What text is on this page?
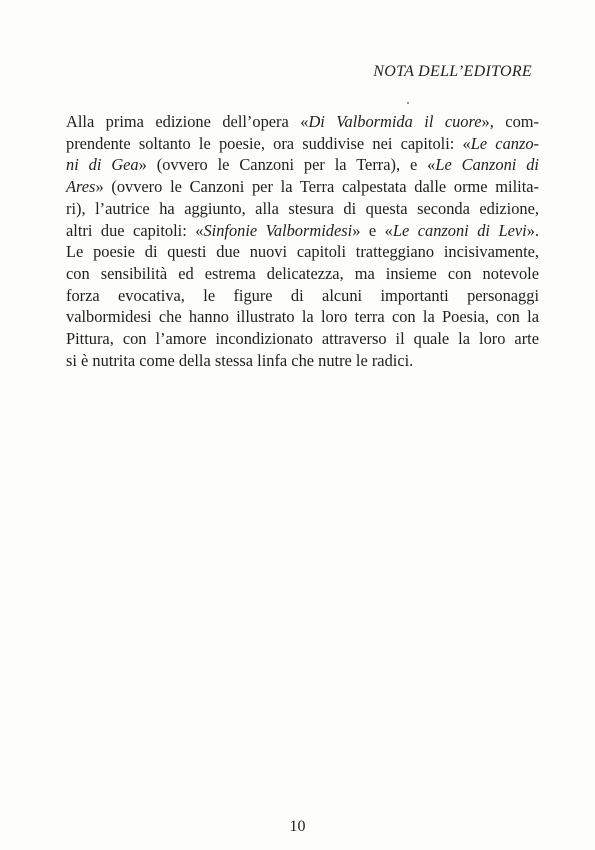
NOTA DELL’EDITORE

Alla prima edizione dell’opera «Di Valbormida il cuore», com-
prendente soltanto le poesie, ora suddivise nei capitoli: «Le canzo-
ni di Gea» (ovvero le Canzoni per la Terra), e «Le Canzoni di
Ares» (ovvero le Canzoni per la Terra calpestata dalle orme milita-
ri), l’autrice ha aggiunto, alla stesura di questa seconda edizione,
altri due capitoli: «Sinfonie Valbormidesi» e «Le canzoni di Levi».
Le poesie di questi due nuovi capitoli tratteggiano incisivamente,
con sensibilità ed estrema delicatezza, ma insieme con notevole
forza evocativa, le figure di alcuni importanti personaggi
valbormidesi che hanno illustrato la loro terra con la Poesia, con la
Pittura, con l’amore incondizionato attraverso il quale la loro arte
si è nutrita come della stessa linfa che nutre le radici.

10
